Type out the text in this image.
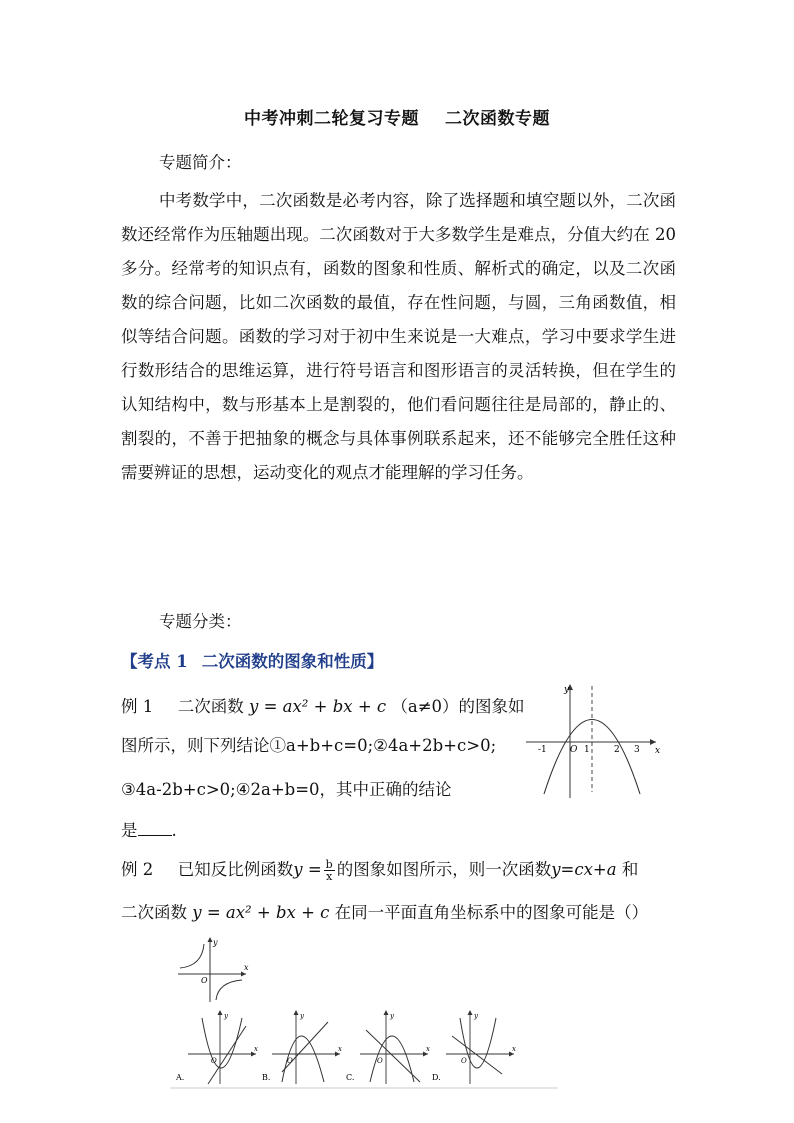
中考冲刺二轮复习专题 二次函数专题
专题简介：
中考数学中，二次函数是必考内容，除了选择题和填空题以外，二次函数还经常作为压轴题出现。二次函数对于大多数学生是难点，分值大约在 20 多分。经常考的知识点有，函数的图象和性质、解析式的确定，以及二次函数的综合问题，比如二次函数的最值，存在性问题，与圆，三角函数值，相似等结合问题。函数的学习对于初中生来说是一大难点，学习中要求学生进行数形结合的思维运算，进行符号语言和图形语言的灵活转换，但在学生的认知结构中，数与形基本上是割裂的，他们看问题往往是局部的，静止的、割裂的，不善于把抽象的概念与具体事例联系起来，还不能够完全胜任这种需要辨证的思想，运动变化的观点才能理解的学习任务。
专题分类：
【考点 1 二次函数的图象和性质】
例 1 二次函数 y = ax² + bx + c （a≠0）的图象如
图所示，则下列结论①a+b+c=0;②4a+2b+c>0;
③4a-2b+c>0;④2a+b=0，其中正确的结论
是 .
y
x
O
-1	1	2 3
例 2 已知反比例函数$y = \frac{b}{x}$ 的图象如图所示，则一次函数y=cx+a 和
二次函数 y = ax² + bx + c 在同一平面直角坐标系中的图象可能是（）
y
x
O
y
x
O
A.
y
x
O
B.
y
x
O
C.
y
x
O
D.
